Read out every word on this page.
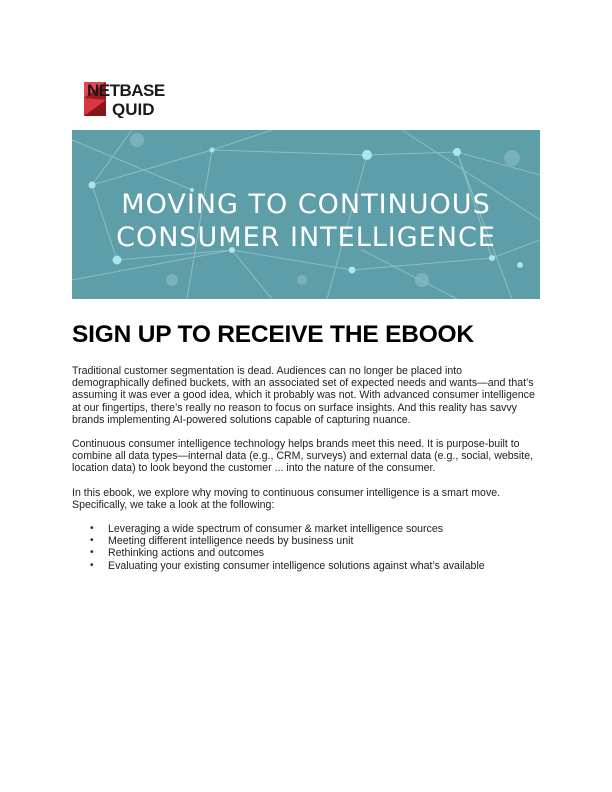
NETBASE
QUID
MOVING TO CONTINUOUS
CONSUMER INTELLIGENCE
SIGN UP TO RECEIVE THE EBOOK

Traditional customer segmentation is dead. Audiences can no longer be placed into demographically defined buckets, with an associated set of expected needs and wants—and that’s assuming it was ever a good idea, which it probably was not. With advanced consumer intelligence at our fingertips, there’s really no reason to focus on surface insights. And this reality has savvy brands implementing AI-powered solutions capable of capturing nuance.

Continuous consumer intelligence technology helps brands meet this need. It is purpose-built to combine all data types—internal data (e.g., CRM, surveys) and external data (e.g., social, website, location data) to look beyond the customer ... into the nature of the consumer.

In this ebook, we explore why moving to continuous consumer intelligence is a smart move. Specifically, we take a look at the following:

• Leveraging a wide spectrum of consumer & market intelligence sources
• Meeting different intelligence needs by business unit
• Rethinking actions and outcomes
• Evaluating your existing consumer intelligence solutions against what’s available
